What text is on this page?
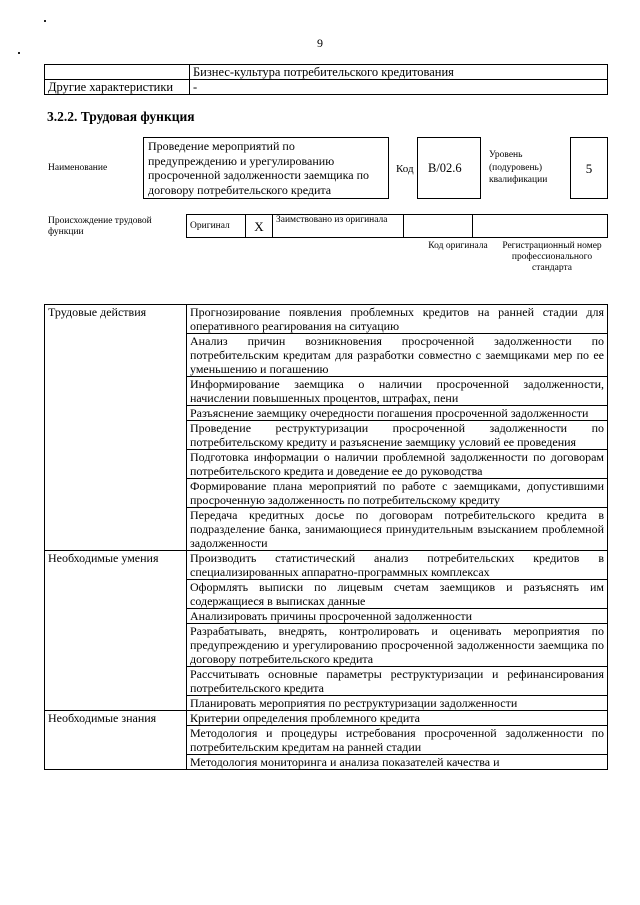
9
	Бизнес-культура потребительского кредитования
Другие характеристики	-
3.2.2. Трудовая функция
Наименование
Проведение мероприятий по предупреждению и урегулированию просроченной задолженности заемщика по договору потребительского кредита
Код	В/02.6
Уровень (подуровень) квалификации
5
Происхождение трудовой функции
Оригинал	X	Заимствовано из оригинала		
Код оригинала	Регистрационный номер профессионального стандарта
Трудовые действия	Прогнозирование появления проблемных кредитов на ранней стадии для оперативного реагирования на ситуацию
	Анализ причин возникновения просроченной задолженности по потребительским кредитам для разработки совместно с заемщиками мер по ее уменьшению и погашению
	Информирование заемщика о наличии просроченной задолженности, начислении повышенных процентов, штрафах, пени
	Разъяснение заемщику очередности погашения просроченной задолженности
	Проведение реструктуризации просроченной задолженности по потребительскому кредиту и разъяснение заемщику условий ее проведения
	Подготовка информации о наличии проблемной задолженности по договорам потребительского кредита и доведение ее до руководства
	Формирование плана мероприятий по работе с заемщиками, допустившими просроченную задолженность по потребительскому кредиту
	Передача кредитных досье по договорам потребительского кредита в подразделение банка, занимающиеся принудительным взысканием проблемной задолженности
Необходимые умения	Производить статистический анализ потребительских кредитов в специализированных аппаратно-программных комплексах
	Оформлять выписки по лицевым счетам заемщиков и разъяснять им содержащиеся в выписках данные
	Анализировать причины просроченной задолженности
	Разрабатывать, внедрять, контролировать и оценивать мероприятия по предупреждению и урегулированию просроченной задолженности заемщика по договору потребительского кредита
	Рассчитывать основные параметры реструктуризации и рефинансирования потребительского кредита
	Планировать мероприятия по реструктуризации задолженности
Необходимые знания	Критерии определения проблемного кредита
	Методология и процедуры истребования просроченной задолженности по потребительским кредитам на ранней стадии
	Методология мониторинга и анализа показателей качества и
